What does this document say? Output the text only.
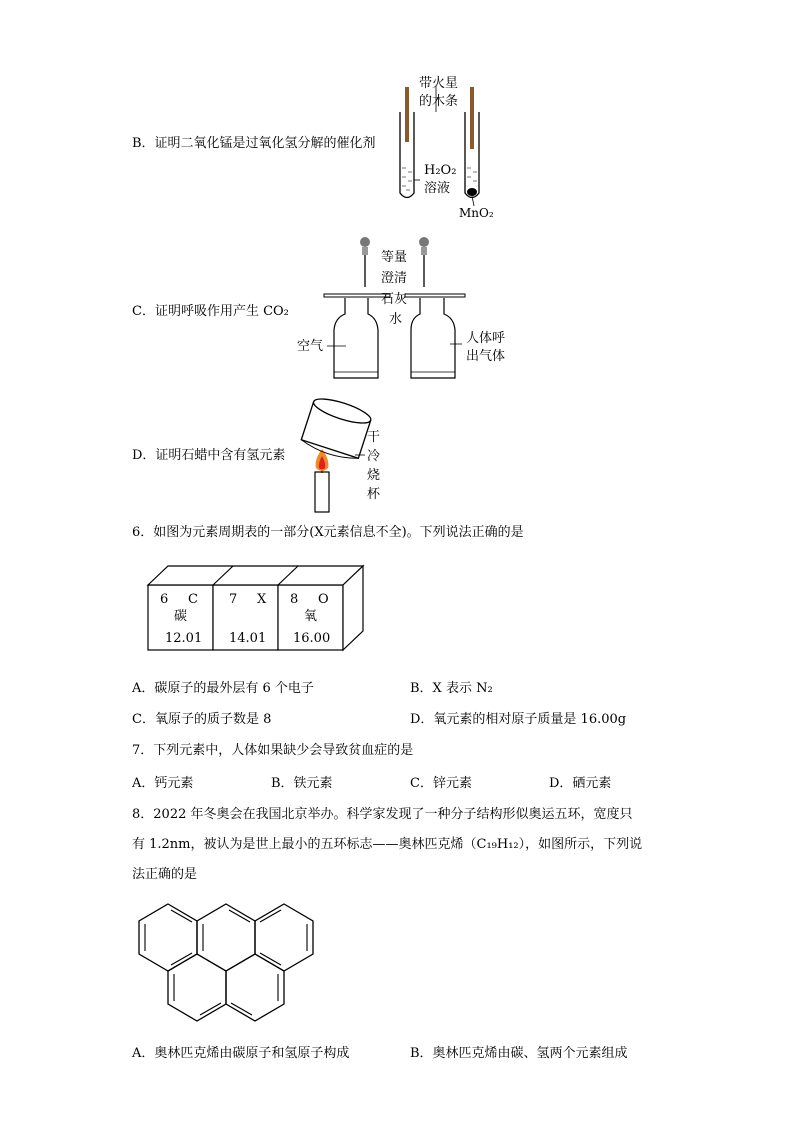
B．证明二氧化锰是过氧化氢分解的催化剂
带火星
的木条
H₂O₂
溶液
MnO₂
C．证明呼吸作用产生 CO₂
等量
澄清
石灰
水
空气
人体呼
出气体
D．证明石蜡中含有氢元素
干
冷
烧
杯
6．如图为元素周期表的一部分(X元素信息不全)。下列说法正确的是
6 C
碳
12.01
7 X
14.01
8 O
氧
16.00
A．碳原子的最外层有 6 个电子	B．X 表示 N₂
C．氧原子的质子数是 8	D．氧元素的相对原子质量是 16.00g
7．下列元素中，人体如果缺少会导致贫血症的是
A．钙元素	B．铁元素	C．锌元素	D．硒元素
8．2022 年冬奥会在我国北京举办。科学家发现了一种分子结构形似奥运五环，宽度只
有 1.2nm，被认为是世上最小的五环标志——奥林匹克烯（C₁₉H₁₂），如图所示，下列说
法正确的是
A．奥林匹克烯由碳原子和氢原子构成	B．奥林匹克烯由碳、氢两个元素组成
